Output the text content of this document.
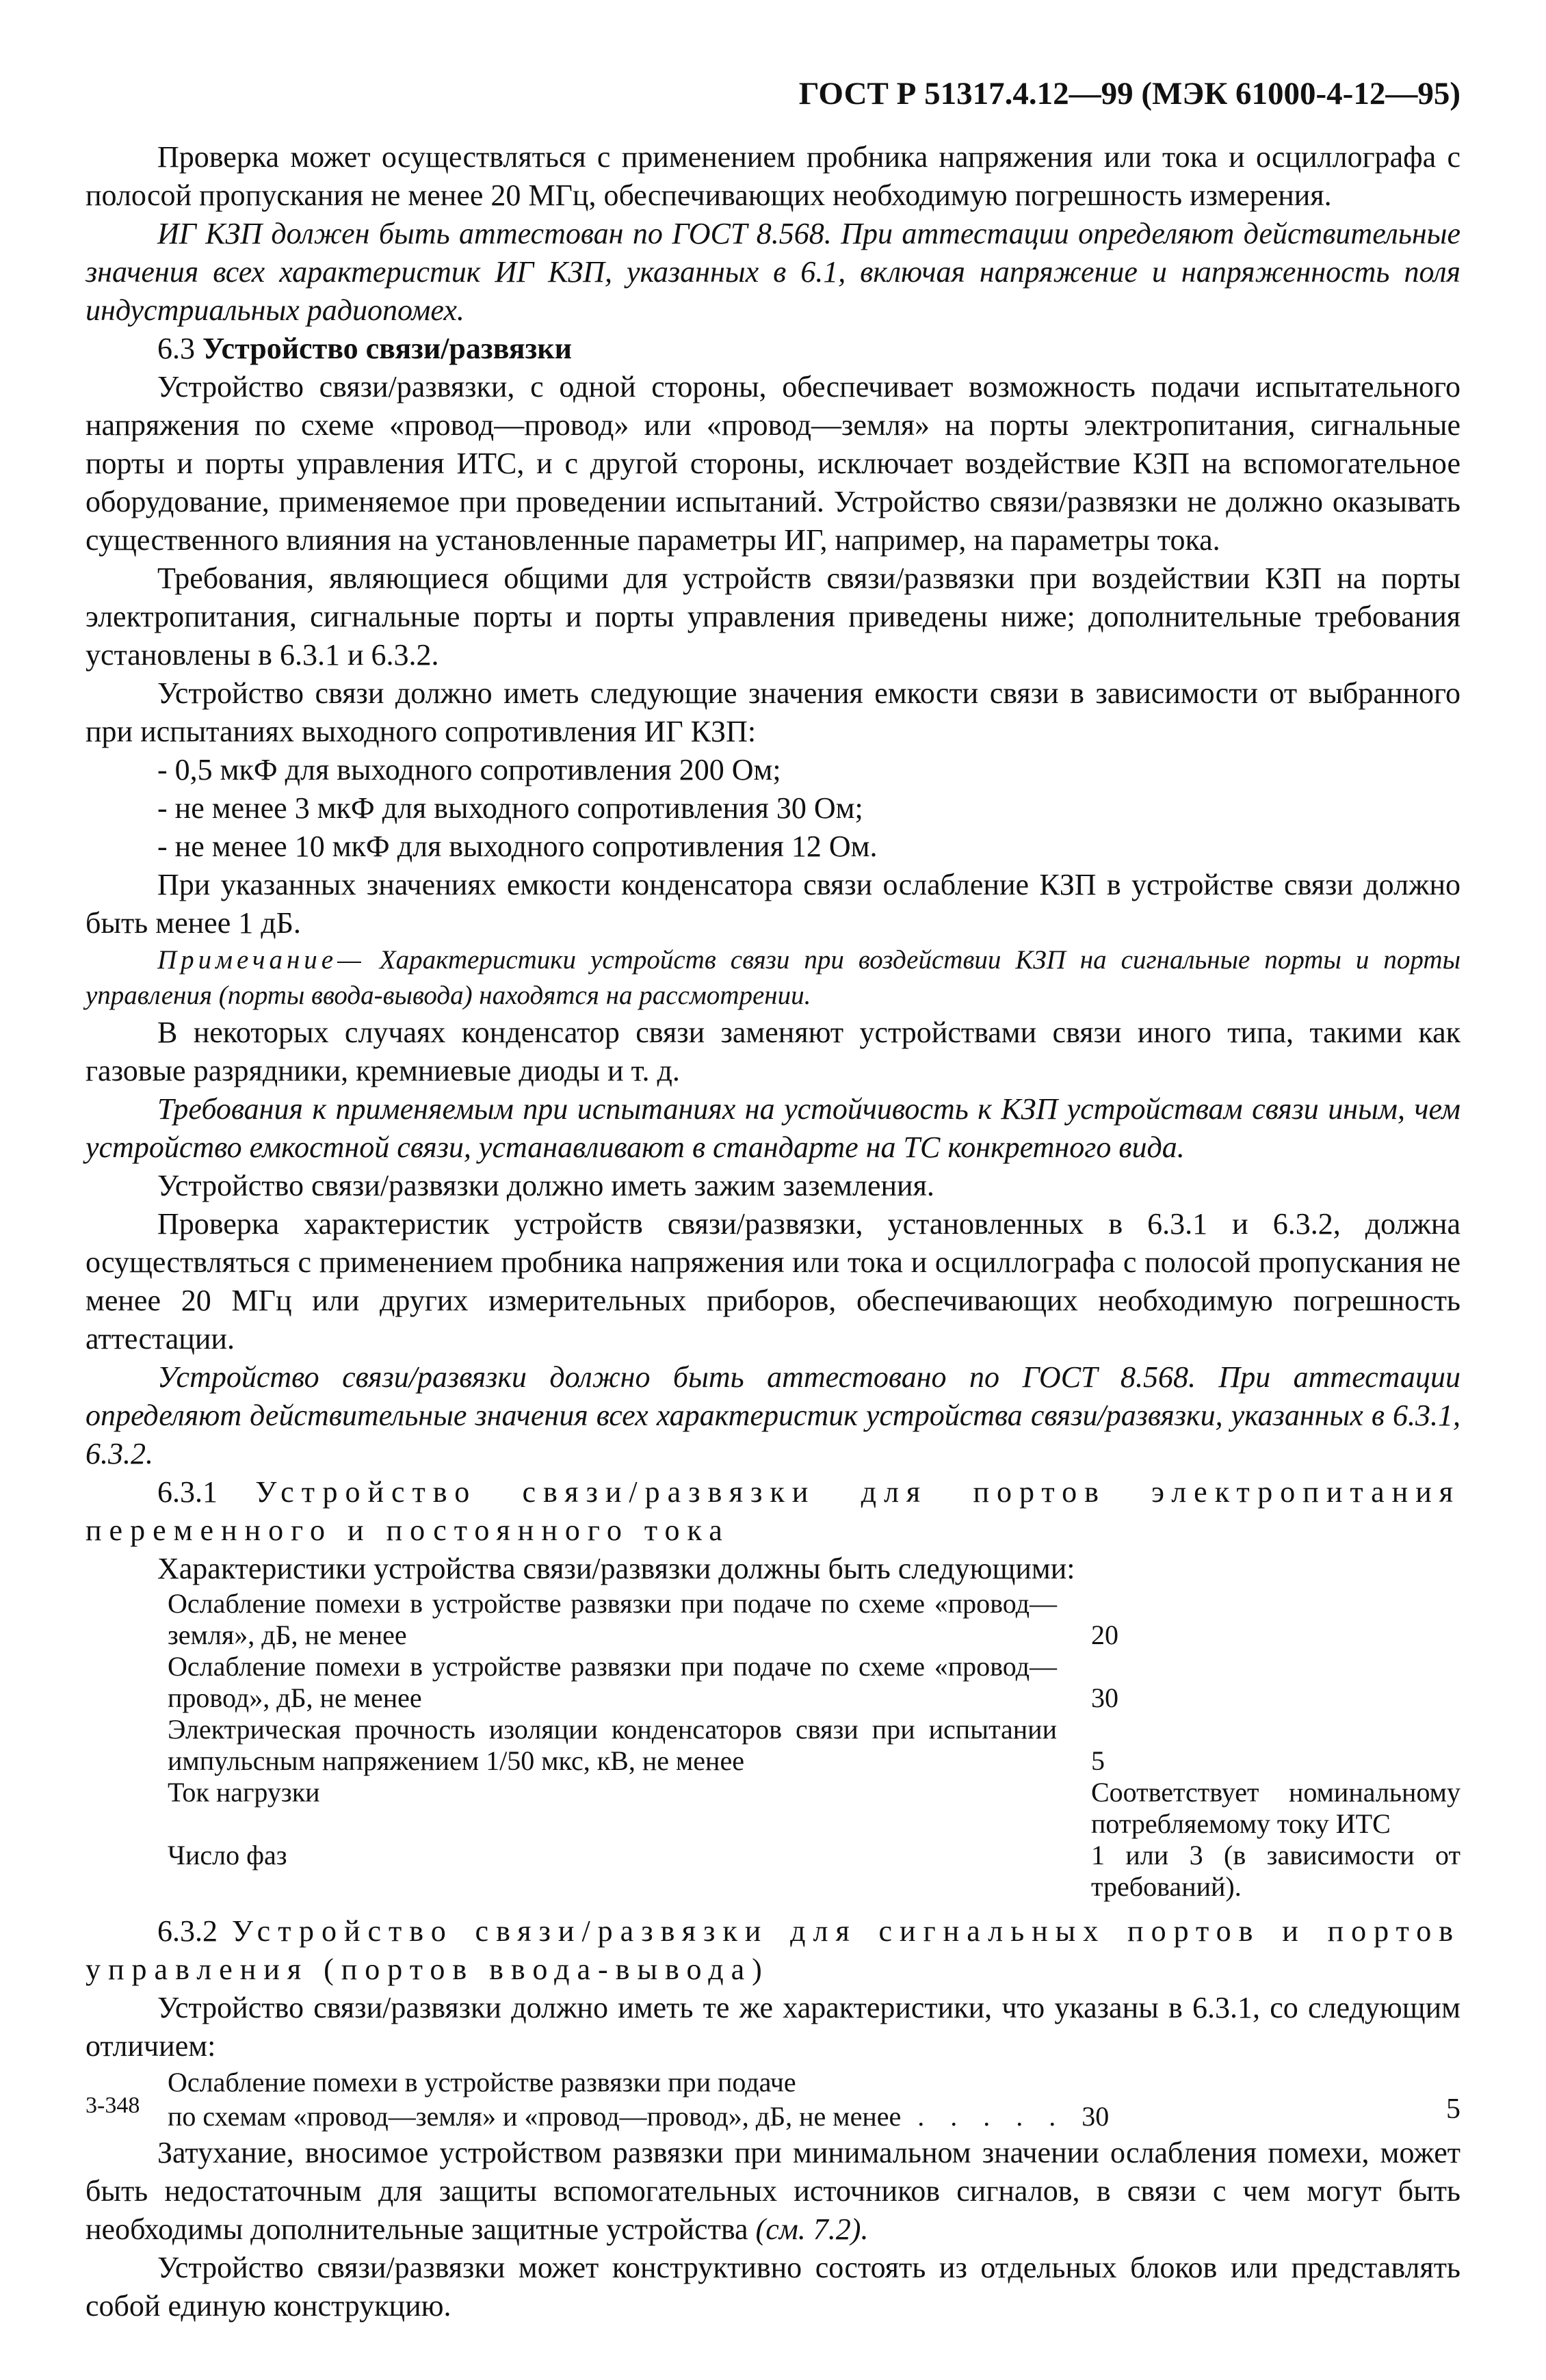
ГОСТ Р 51317.4.12—99 (МЭК 61000-4-12—95)

Проверка может осуществляться с применением пробника напряжения или тока и осциллографа с полосой пропускания не менее 20 МГц, обеспечивающих необходимую погрешность измерения.

ИГ КЗП должен быть аттестован по ГОСТ 8.568. При аттестации определяют действительные значения всех характеристик ИГ КЗП, указанных в 6.1, включая напряжение и напряженность поля индустриальных радиопомех.

6.3 Устройство связи/развязки

Устройство связи/развязки, с одной стороны, обеспечивает возможность подачи испытательного напряжения по схеме «провод—провод» или «провод—земля» на порты электропитания, сигнальные порты и порты управления ИТС, и с другой стороны, исключает воздействие КЗП на вспомогательное оборудование, применяемое при проведении испытаний. Устройство связи/развязки не должно оказывать существенного влияния на установленные параметры ИГ, например, на параметры тока.

Требования, являющиеся общими для устройств связи/развязки при воздействии КЗП на порты электропитания, сигнальные порты и порты управления приведены ниже; дополнительные требования установлены в 6.3.1 и 6.3.2.

Устройство связи должно иметь следующие значения емкости связи в зависимости от выбранного при испытаниях выходного сопротивления ИГ КЗП:

- 0,5 мкФ для выходного сопротивления 200 Ом;

- не менее 3 мкФ для выходного сопротивления 30 Ом;

- не менее 10 мкФ для выходного сопротивления 12 Ом.

При указанных значениях емкости конденсатора связи ослабление КЗП в устройстве связи должно быть менее 1 дБ.

Примечание— Характеристики устройств связи при воздействии КЗП на сигнальные порты и порты управления (порты ввода-вывода) находятся на рассмотрении.

В некоторых случаях конденсатор связи заменяют устройствами связи иного типа, такими как газовые разрядники, кремниевые диоды и т. д.

Требования к применяемым при испытаниях на устойчивость к КЗП устройствам связи иным, чем устройство емкостной связи, устанавливают в стандарте на ТС конкретного вида.

Устройство связи/развязки должно иметь зажим заземления.

Проверка характеристик устройств связи/развязки, установленных в 6.3.1 и 6.3.2, должна осуществляться с применением пробника напряжения или тока и осциллографа с полосой пропускания не менее 20 МГц или других измерительных приборов, обеспечивающих необходимую погрешность аттестации.

Устройство связи/развязки должно быть аттестовано по ГОСТ 8.568. При аттестации определяют действительные значения всех характеристик устройства связи/развязки, указанных в 6.3.1, 6.3.2.

6.3.1 Устройство связи/развязки для портов электропитания переменного и постоянного тока

Характеристики устройства связи/развязки должны быть следующими:

Ослабление помехи в устройстве развязки при подаче по схеме «провод—земля», дБ, не менее	20
Ослабление помехи в устройстве развязки при подаче по схеме «провод—провод», дБ, не менее	30
Электрическая прочность изоляции конденсаторов связи при испытании импульсным напряжением 1/50 мкс, кВ, не менее	5
Ток нагрузки	Соответствует номинальному потребляемому току ИТС
Число фаз	1 или 3 (в зависимости от требований).

6.3.2 Устройство связи/развязки для сигнальных портов и портов управления (портов ввода-вывода)

Устройство связи/развязки должно иметь те же характеристики, что указаны в 6.3.1, со следующим отличием:

Ослабление помехи в устройстве развязки при подаче
по схемам «провод—земля» и «провод—провод», дБ, не менее . . . . . 30

Затухание, вносимое устройством развязки при минимальном значении ослабления помехи, может быть недостаточным для защиты вспомогательных источников сигналов, в связи с чем могут быть необходимы дополнительные защитные устройства (см. 7.2).

Устройство связи/развязки может конструктивно состоять из отдельных блоков или представлять собой единую конструкцию.

3-348	5
